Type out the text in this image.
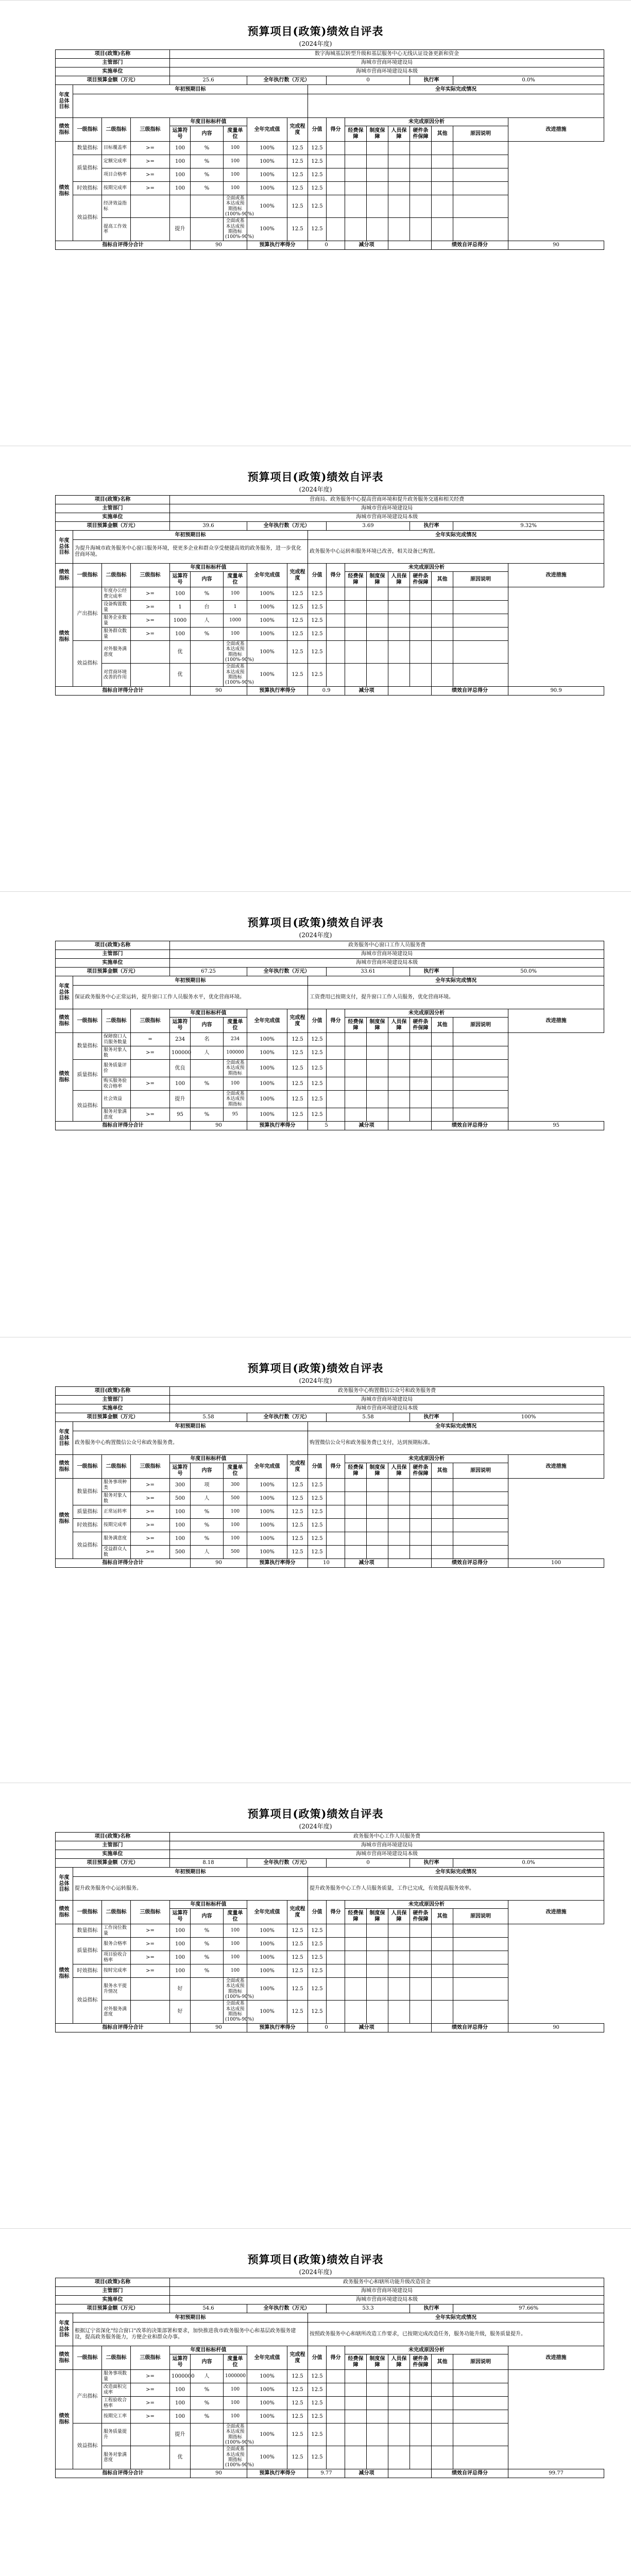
预算项目(政策)绩效自评表
(2024年度)
项目(政策)名称				数字海城基层转型升级和基层服务中心无线认证设备更新和资金													
主管部门				海城市营商环境建设局													
实施单位				海城市营商环境建设局本级													
项目预算金额（万元）				25.6			全年执行数（万元）			0				执行率		0.0%	
年度总体目标	年初预期目标								全年实际完成情况								

绩效指标	一级指标	二级指标	三级指标	年度目标标杆值			全年完成值	完成程度	分值	得分	未完成原因分析						改进措施
				运算符号	内容	度量单位					经费保障	制度保障	人员保障	硬件条件保障	其他	原因说明	
绩效指标	数量指标	目标覆盖率	>=	100	%	100	100%	12.5	12.5								
	质量指标	定额完成率	>=	100	%	100	100%	12.5	12.5								
		项目合格率	>=	100	%	100	100%	12.5	12.5								
	时效指标	按期完成率	>=	100	%	100	100%	12.5	12.5								
	效益指标	经济效益指标				全面或基本达成预期指标(100%-90%)	100%	12.5	12.5								
		提高工作效率		提升		全面或基本达成预期指标(100%-90%)	100%	12.5	12.5								
指标自评得分合计					90		预算执行率得分		0		减分项				绩效自评总得分		90
预算项目(政策)绩效自评表
(2024年度)
项目(政策)名称				营商局、政务服务中心提高营商环境和提升政务服务交通和相关经费													
主管部门				海城市营商环境建设局													
实施单位				海城市营商环境建设局本级													
项目预算金额（万元）				39.6			全年执行数（万元）			3.69				执行率		9.32%	
年度总体目标	年初预期目标								全年实际完成情况								
	为提升海城市政务服务中心窗口服务环境，使更多企业和群众享受便捷高效的政务服务，进一步优化营商环境。								政务服务中心运转和服务环境已改善，相关设备已购置。								
绩效指标	一级指标	二级指标	三级指标	年度目标标杆值			全年完成值	完成程度	分值	得分	未完成原因分析						改进措施
				运算符号	内容	度量单位					经费保障	制度保障	人员保障	硬件条件保障	其他	原因说明	
绩效指标	产出指标	年度办公经费完成率	>=	100	%	100	100%	12.5	12.5								
		设备购置数量	>=	1	台	1	100%	12.5	12.5								
		服务企业数量	>=	1000	人	1000	100%	12.5	12.5								
		服务群众数量	>=	100	%	100	100%	12.5	12.5								
	效益指标	对外服务满意度		优		全面或基本达成预期指标(100%-90%)	100%	12.5	12.5								
		对营商环境改善的作用		优		全面或基本达成预期指标(100%-90%)	100%	12.5	12.5								
指标自评得分合计					90		预算执行率得分		0.9		减分项				绩效自评总得分		90.9
预算项目(政策)绩效自评表
(2024年度)
项目(政策)名称				政务服务中心窗口工作人员服务费													
主管部门				海城市营商环境建设局													
实施单位				海城市营商环境建设局本级													
项目预算金额（万元）				67.25			全年执行数（万元）			33.61				执行率		50.0%	
年度总体目标	年初预期目标								全年实际完成情况								
	保证政务服务中心正常运转，提升窗口工作人员服务水平，优化营商环境。								工资费用已按期支付，提升窗口工作人员服务，优化营商环境。								
绩效指标	一级指标	二级指标	三级指标	年度目标标杆值			全年完成值	完成程度	分值	得分	未完成原因分析						改进措施
				运算符号	内容	度量单位					经费保障	制度保障	人员保障	硬件条件保障	其他	原因说明	
绩效指标	数量指标	保障窗口人员服务数量	=	234	名	234	100%	12.5	12.5								
		服务对象人数	>=	100000	人	100000	100%	12.5	12.5								
	质量指标	服务质量评价		优良		全面或基本达成预期指标	100%	12.5	12.5								
		购买服务验收合格率	>=	100	%	100	100%	12.5	12.5								
	效益指标	社会效益		提升		全面或基本达成预期指标	100%	12.5	12.5								
		服务对象满意度	>=	95	%	95	100%	12.5	12.5								
指标自评得分合计					90		预算执行率得分		5		减分项				绩效自评总得分		95
预算项目(政策)绩效自评表
(2024年度)
项目(政策)名称				政务服务中心购置微信公众号和政务服务费													
主管部门				海城市营商环境建设局													
实施单位				海城市营商环境建设局本级													
项目预算金额（万元）				5.58			全年执行数（万元）			5.58				执行率		100%	
年度总体目标	年初预期目标								全年实际完成情况								
	政务服务中心购置微信公众号和政务服务费。								购置微信公众号和政务服务费已支付，达到预期标准。								
绩效指标	一级指标	二级指标	三级指标	年度目标标杆值			全年完成值	完成程度	分值	得分	未完成原因分析						改进措施
				运算符号	内容	度量单位					经费保障	制度保障	人员保障	硬件条件保障	其他	原因说明	
绩效指标	数量指标	服务事项种类	>=	300	项	300	100%	12.5	12.5								
		服务对象人数	>=	500	人	500	100%	12.5	12.5								
	质量指标	正常运转率	>=	100	%	100	100%	12.5	12.5								
	时效指标	按期完成率	>=	100	%	100	100%	12.5	12.5								
	效益指标	服务满意度	>=	100	%	100	100%	12.5	12.5								
		受益群众人数	>=	500	人	500	100%	12.5	12.5								
指标自评得分合计					90		预算执行率得分		10		减分项				绩效自评总得分		100
预算项目(政策)绩效自评表
(2024年度)
项目(政策)名称				政务服务中心工作人员服务费													
主管部门				海城市营商环境建设局													
实施单位				海城市营商环境建设局本级													
项目预算金额（万元）				8.18			全年执行数（万元）			0				执行率		0.0%	
年度总体目标	年初预期目标								全年实际完成情况								
	提升政务服务中心运转服务。								提升政务服务中心工作人员服务质量，工作已完成，有效提高服务效率。								
绩效指标	一级指标	二级指标	三级指标	年度目标标杆值			全年完成值	完成程度	分值	得分	未完成原因分析						改进措施
				运算符号	内容	度量单位					经费保障	制度保障	人员保障	硬件条件保障	其他	原因说明	
绩效指标	数量指标	工作岗位数量	>=	100	%	100	100%	12.5	12.5								
	质量指标	服务合格率	>=	100	%	100	100%	12.5	12.5								
		项目验收合格率	>=	100	%	100	100%	12.5	12.5								
	时效指标	按时完成率	>=	100	%	100	100%	12.5	12.5								
	效益指标	服务水平提升情况		好		全面或基本达成预期指标(100%-90%)	100%	12.5	12.5								
		对外服务满意度		好		全面或基本达成预期指标(100%-90%)	100%	12.5	12.5								
指标自评得分合计					90		预算执行率得分		0		减分项				绩效自评总得分		90
预算项目(政策)绩效自评表
(2024年度)
项目(政策)名称				政务服务中心和辖所功能升级改造资金													
主管部门				海城市营商环境建设局													
实施单位				海城市营商环境建设局本级													
项目预算金额（万元）				54.6			全年执行数（万元）			53.3				执行率		97.66%	
年度总体目标	年初预期目标								全年实际完成情况								
	根据辽宁省深化"综合窗口"改革的决策部署和要求，加快推进我市政务服务中心和基层政务服务建设，提高政务服务能力，方便企业和群众办事。								按照政务服务中心和辖所改造工作要求，已按期完成改造任务，服务功能升级，服务质量提升。								
绩效指标	一级指标	二级指标	三级指标	年度目标标杆值			全年完成值	完成程度	分值	得分	未完成原因分析						改进措施
				运算符号	内容	度量单位					经费保障	制度保障	人员保障	硬件条件保障	其他	原因说明	
绩效指标	产出指标	服务事项数量	>=	1000000	人	1000000	100%	12.5	12.5								
		改造面积完成率	>=	100	%	100	100%	12.5	12.5								
		工程验收合格率	>=	100	%	100	100%	12.5	12.5								
		按期完工率	>=	100	%	100	100%	12.5	12.5								
	效益指标	服务质量提升		提升		全面或基本达成预期指标(100%-90%)	100%	12.5	12.5								
		服务对象满意度		优		全面或基本达成预期指标(100%-90%)	100%	12.5	12.5								
指标自评得分合计					90		预算执行率得分		9.77		减分项				绩效自评总得分		99.77
